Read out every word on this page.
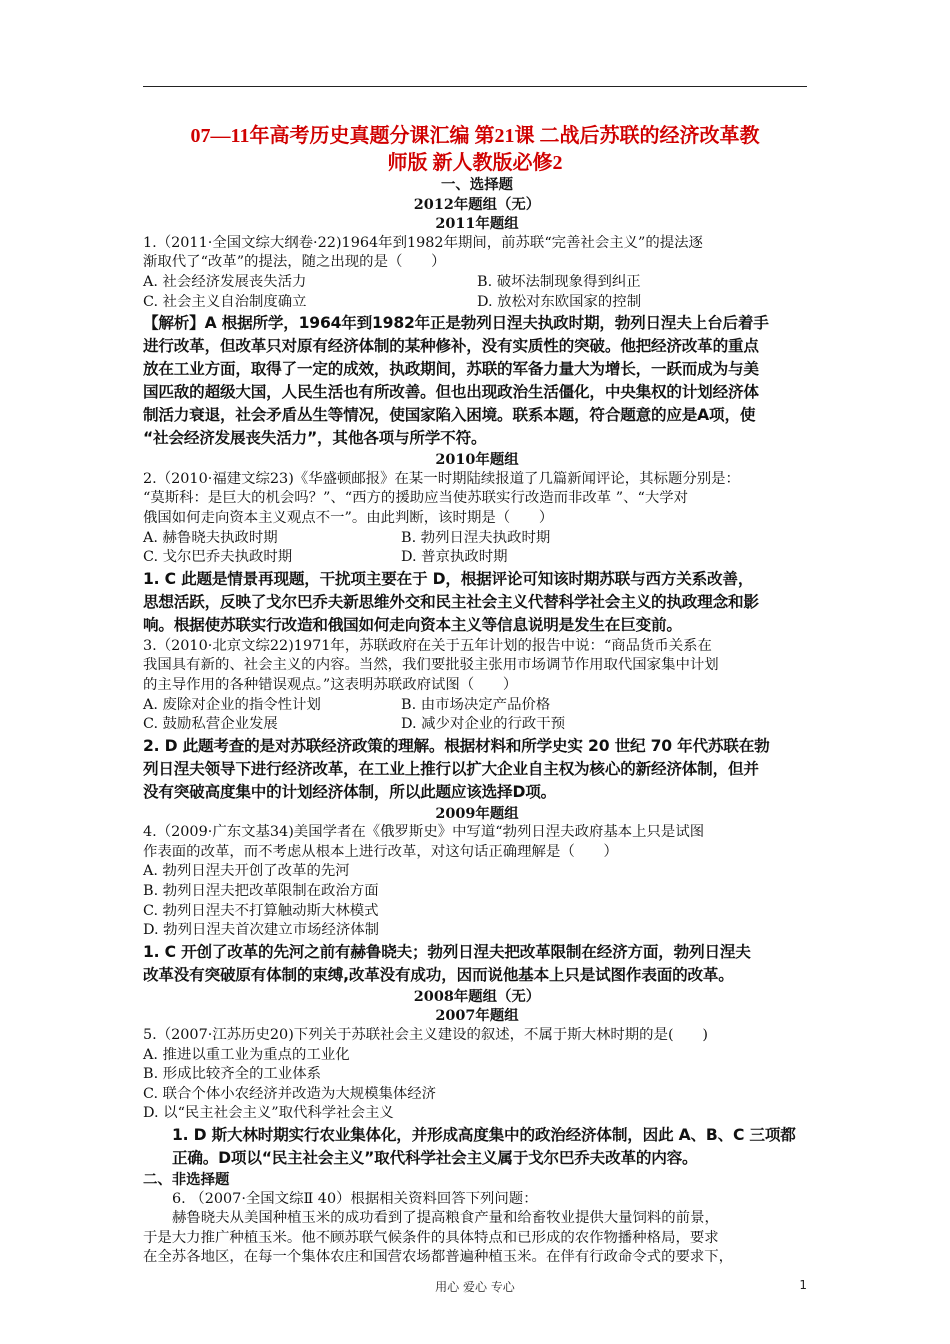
07—11年高考历史真题分课汇编 第21课 二战后苏联的经济改革教
师版 新人教版必修2

一、选择题

2012年题组（无）

2011年题组

1.（2011·全国文综大纲卷·22)1964年到1982年期间，前苏联“完善社会主义”的提法逐

渐取代了“改革”的提法，随之出现的是（　　）

A. 社会经济发展丧失活力	B. 破坏法制现象得到纠正
C. 社会主义自治制度确立	D. 放松对东欧国家的控制

【解析】A 根据所学，1964年到1982年正是勃列日涅夫执政时期，勃列日涅夫上台后着手

进行改革，但改革只对原有经济体制的某种修补，没有实质性的突破。他把经济改革的重点

放在工业方面，取得了一定的成效，执政期间，苏联的军备力量大为增长，一跃而成为与美

国匹敌的超级大国，人民生活也有所改善。但也出现政治生活僵化，中央集权的计划经济体

制活力衰退，社会矛盾丛生等情况，使国家陷入困境。联系本题，符合题意的应是A项，使

“社会经济发展丧失活力”，其他各项与所学不符。

2010年题组

2.（2010·福建文综23)《华盛顿邮报》在某一时期陆续报道了几篇新闻评论，其标题分别是：

“莫斯科：是巨大的机会吗？”、“西方的援助应当使苏联实行改造而非改革 ”、“大学对

俄国如何走向资本主义观点不一”。由此判断，该时期是（　　）

A. 赫鲁晓夫执政时期	B. 勃列日涅夫执政时期
C. 戈尔巴乔夫执政时期	D. 普京执政时期

1. C 此题是情景再现题，干扰项主要在于 D，根据评论可知该时期苏联与西方关系改善，

思想活跃，反映了戈尔巴乔夫新思维外交和民主社会主义代替科学社会主义的执政理念和影

响。根据使苏联实行改造和俄国如何走向资本主义等信息说明是发生在巨变前。

3.（2010·北京文综22)1971年，苏联政府在关于五年计划的报告中说：“商品货币关系在

我国具有新的、社会主义的内容。当然，我们要批驳主张用市场调节作用取代国家集中计划

的主导作用的各种错误观点。”这表明苏联政府试图（　　）

A. 废除对企业的指令性计划	B. 由市场决定产品价格
C. 鼓励私营企业发展	D. 减少对企业的行政干预

2. D 此题考查的是对苏联经济政策的理解。根据材料和所学史实 20 世纪 70 年代苏联在勃

列日涅夫领导下进行经济改革，在工业上推行以扩大企业自主权为核心的新经济体制，但并

没有突破高度集中的计划经济体制，所以此题应该选择D项。

2009年题组

4.（2009·广东文基34)美国学者在《俄罗斯史》中写道“勃列日涅夫政府基本上只是试图

作表面的改革，而不考虑从根本上进行改革，对这句话正确理解是（　　）

A. 勃列日涅夫开创了改革的先河

B. 勃列日涅夫把改革限制在政治方面

C. 勃列日涅夫不打算触动斯大林模式

D. 勃列日涅夫首次建立市场经济体制

1. C 开创了改革的先河之前有赫鲁晓夫；勃列日涅夫把改革限制在经济方面，勃列日涅夫

改革没有突破原有体制的束缚,改革没有成功，因而说他基本上只是试图作表面的改革。

2008年题组（无）

2007年题组

5.（2007·江苏历史20)下列关于苏联社会主义建设的叙述，不属于斯大林时期的是(　　)

A. 推进以重工业为重点的工业化

B. 形成比较齐全的工业体系

C. 联合个体小农经济并改造为大规模集体经济

D. 以“民主社会主义”取代科学社会主义

1. D 斯大林时期实行农业集体化，并形成高度集中的政治经济体制，因此 A、B、C 三项都

正确。D项以“民主社会主义”取代科学社会主义属于戈尔巴乔夫改革的内容。

二、非选择题

6. （2007·全国文综Ⅱ 40）根据相关资料回答下列问题：

赫鲁晓夫从美国种植玉米的成功看到了提高粮食产量和给畜牧业提供大量饲料的前景，

于是大力推广种植玉米。他不顾苏联气候条件的具体特点和已形成的农作物播种格局，要求

在全苏各地区，在每一个集体农庄和国营农场都普遍种植玉米。在伴有行政命令式的要求下，

用心 爱心 专心	1
